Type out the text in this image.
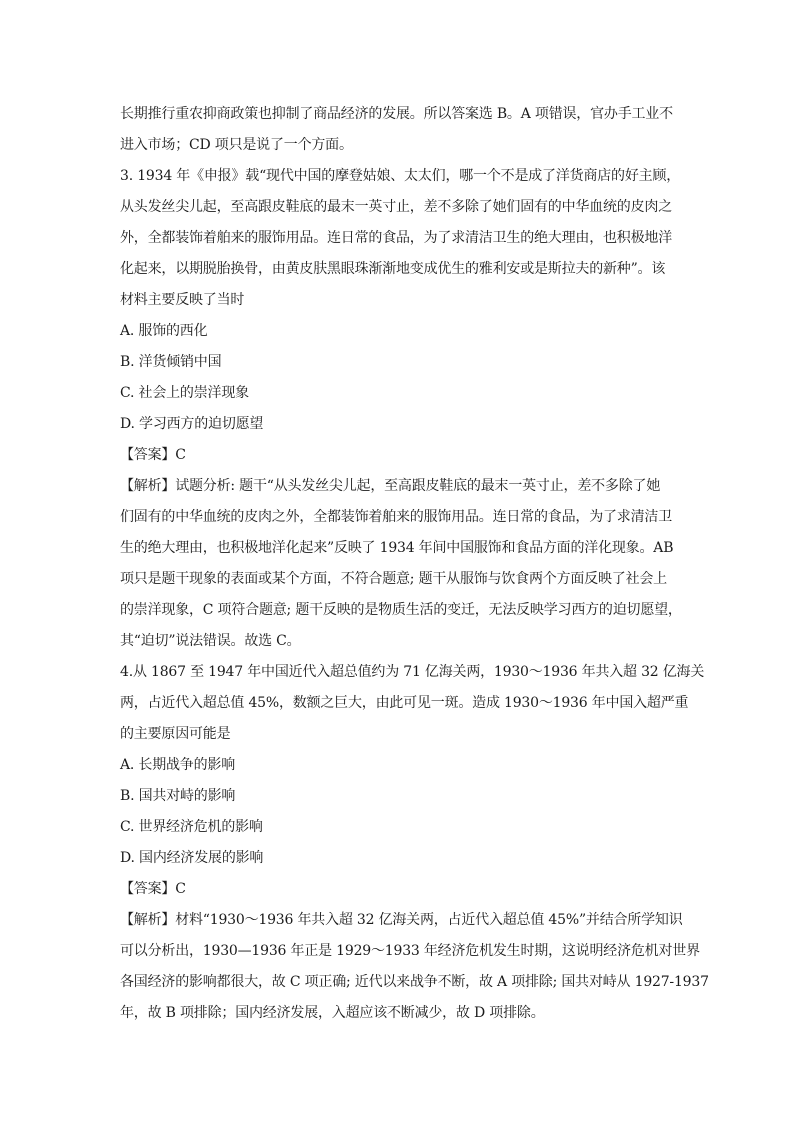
长期推行重农抑商政策也抑制了商品经济的发展。所以答案选 B。A 项错误，官办手工业不
进入市场；CD 项只是说了一个方面。
3. 1934 年《申报》载“现代中国的摩登姑娘、太太们，哪一个不是成了洋货商店的好主顾，
从头发丝尖儿起，至高跟皮鞋底的最末一英寸止，差不多除了她们固有的中华血统的皮肉之
外，全都装饰着舶来的服饰用品。连日常的食品，为了求清洁卫生的绝大理由，也积极地洋
化起来，以期脱胎换骨，由黄皮肤黑眼珠渐渐地变成优生的雅利安或是斯拉夫的新种”。该
材料主要反映了当时
A. 服饰的西化
B. 洋货倾销中国
C. 社会上的崇洋现象
D. 学习西方的迫切愿望
【答案】C
【解析】试题分析: 题干“从头发丝尖儿起，至高跟皮鞋底的最末一英寸止，差不多除了她
们固有的中华血统的皮肉之外，全都装饰着舶来的服饰用品。连日常的食品，为了求清洁卫
生的绝大理由，也积极地洋化起来”反映了 1934 年间中国服饰和食品方面的洋化现象。AB
项只是题干现象的表面或某个方面，不符合题意; 题干从服饰与饮食两个方面反映了社会上
的崇洋现象，C 项符合题意; 题干反映的是物质生活的变迁，无法反映学习西方的迫切愿望，
其“迫切”说法错误。故选 C。
4.从 1867 至 1947 年中国近代入超总值约为 71 亿海关两，1930～1936 年共入超 32 亿海关
两，占近代入超总值 45%，数额之巨大，由此可见一斑。造成 1930～1936 年中国入超严重
的主要原因可能是
A. 长期战争的影响
B. 国共对峙的影响
C. 世界经济危机的影响
D. 国内经济发展的影响
【答案】C
【解析】材料“1930～1936 年共入超 32 亿海关两，占近代入超总值 45%”并结合所学知识
可以分析出，1930—1936 年正是 1929～1933 年经济危机发生时期，这说明经济危机对世界
各国经济的影响都很大，故 C 项正确; 近代以来战争不断，故 A 项排除; 国共对峙从 1927-1937
年，故 B 项排除；国内经济发展，入超应该不断减少，故 D 项排除。
